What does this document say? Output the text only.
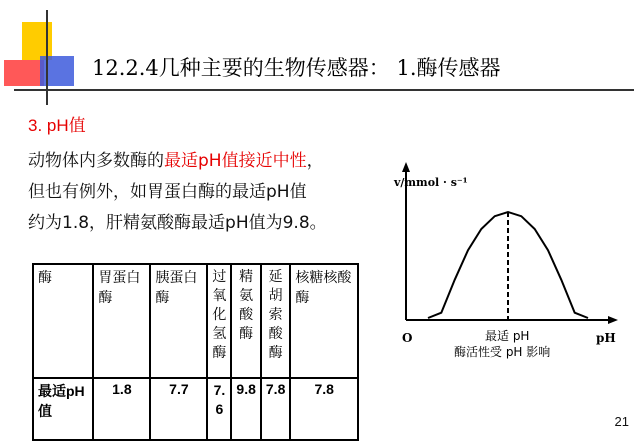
12.2.4几种主要的生物传感器： 1.酶传感器
3. pH值
动物体内多数酶的最适pH值接近中性，
但也有例外，如胃蛋白酶的最适pH值
约为1.8，肝精氨酸酶最适pH值为9.8。
酶	胃蛋白酶	胰蛋白酶	过氧化氢酶	精氨酸酶	延胡索酸酶	核糖核酸酶
最适pH值	1.8	7.7	7.6	9.8	7.8	7.8
v/mmol · s⁻¹
O	pH
最适 pH
酶活性受 pH 影响
21
